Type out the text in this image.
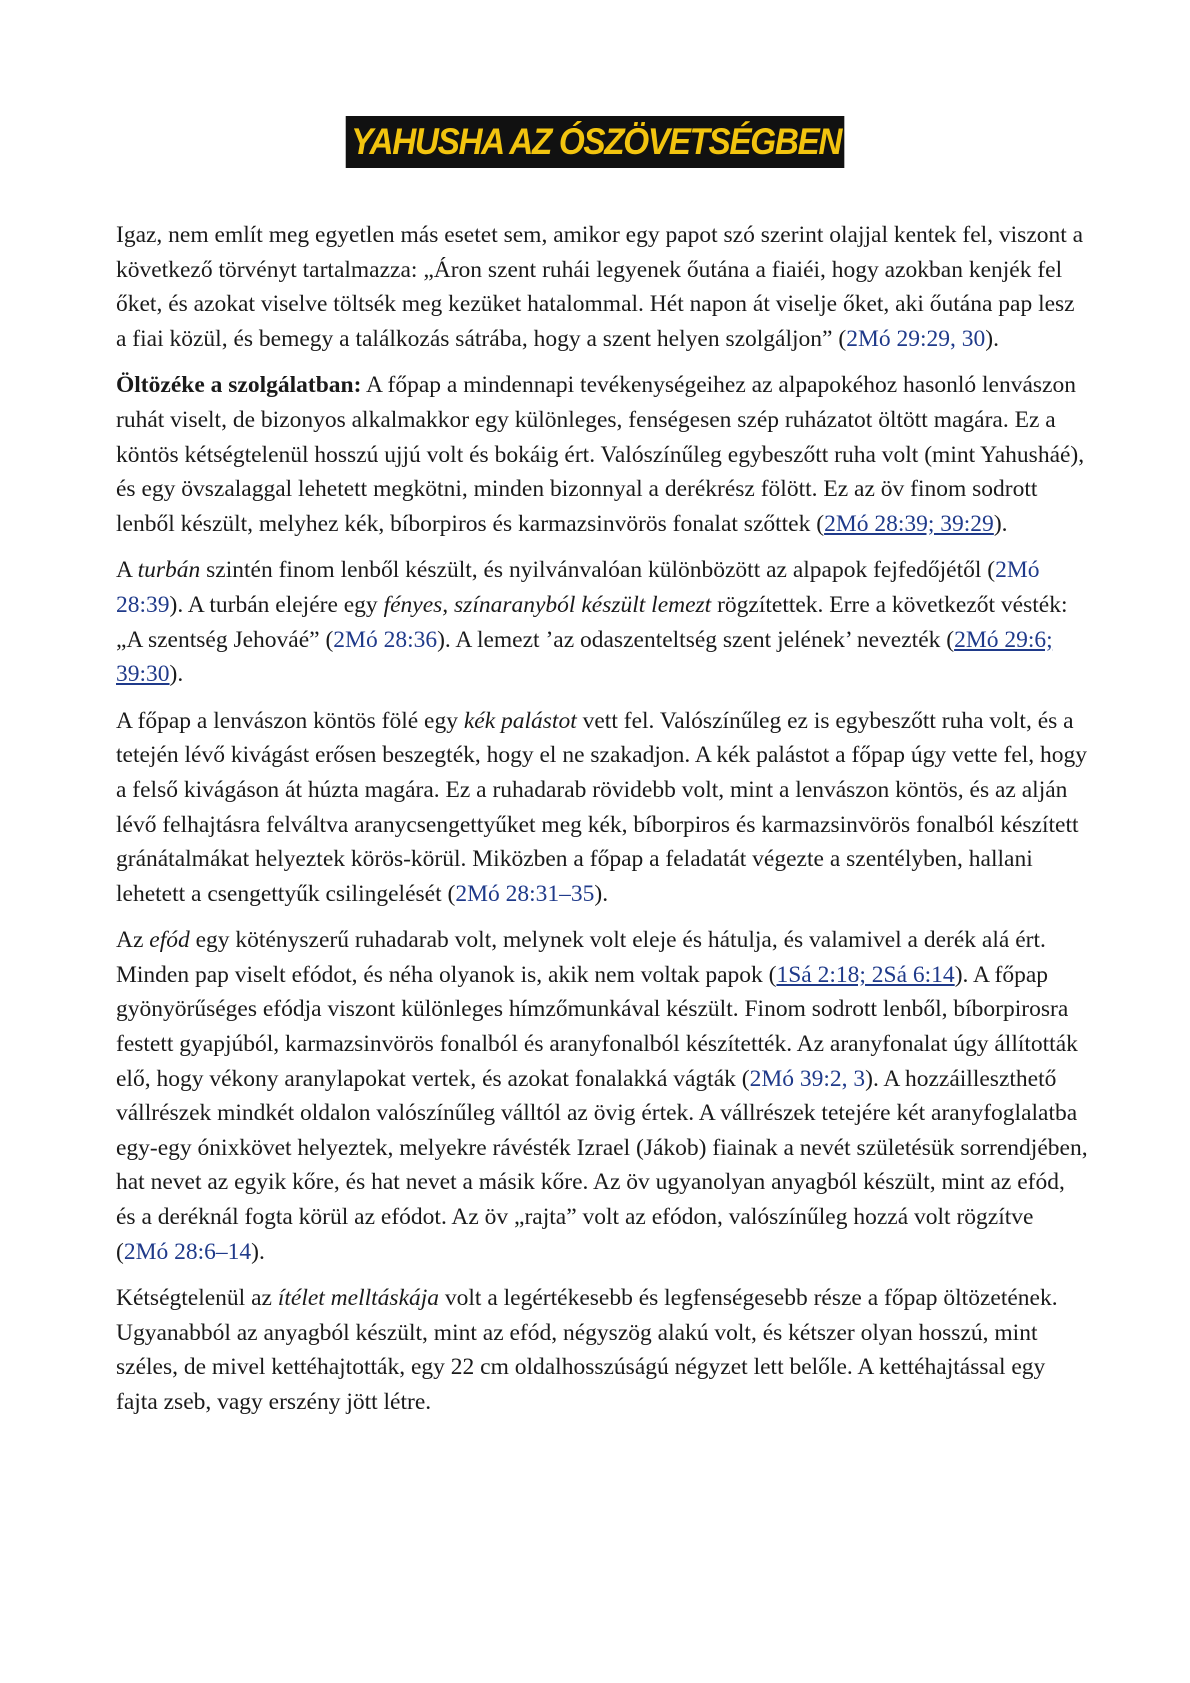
YAHUSHA AZ ÓSZÖVETSÉGBEN

Igaz, nem említ meg egyetlen más esetet sem, amikor egy papot szó szerint olajjal kentek fel, viszont a következő törvényt tartalmazza: „Áron szent ruhái legyenek őutána a fiaiéi, hogy azokban kenjék fel őket, és azokat viselve töltsék meg kezüket hatalommal. Hét napon át viselje őket, aki őutána pap lesz a fiai közül, és bemegy a találkozás sátrába, hogy a szent helyen szolgáljon” (2Mó 29:29, 30).

Öltözéke a szolgálatban: A főpap a mindennapi tevékenységeihez az alpapokéhoz hasonló lenvászon ruhát viselt, de bizonyos alkalmakkor egy különleges, fenségesen szép ruházatot öltött magára. Ez a köntös kétségtelenül hosszú ujjú volt és bokáig ért. Valószínűleg egybeszőtt ruha volt (mint Yahusháé), és egy övszalaggal lehetett megkötni, minden bizonnyal a derékrész fölött. Ez az öv finom sodrott lenből készült, melyhez kék, bíborpiros és karmazsinvörös fonalat szőttek (2Mó 28:39; 39:29).

A turbán szintén finom lenből készült, és nyilvánvalóan különbözött az alpapok fejfedőjétől (2Mó 28:39). A turbán elejére egy fényes, színaranyból készült lemezt rögzítettek. Erre a következőt vésték: „A szentség Jehováé” (2Mó 28:36). A lemezt ’az odaszenteltség szent jelének’ nevezték (2Mó 29:6; 39:30).

A főpap a lenvászon köntös fölé egy kék palástot vett fel. Valószínűleg ez is egybeszőtt ruha volt, és a tetején lévő kivágást erősen beszegték, hogy el ne szakadjon. A kék palástot a főpap úgy vette fel, hogy a felső kivágáson át húzta magára. Ez a ruhadarab rövidebb volt, mint a lenvászon köntös, és az alján lévő felhajtásra felváltva aranycsengettyűket meg kék, bíborpiros és karmazsinvörös fonalból készített gránátalmákat helyeztek körös-körül. Miközben a főpap a feladatát végezte a szentélyben, hallani lehetett a csengettyűk csilingelését (2Mó 28:31–35).

Az efód egy kötényszerű ruhadarab volt, melynek volt eleje és hátulja, és valamivel a derék alá ért. Minden pap viselt efódot, és néha olyanok is, akik nem voltak papok (1Sá 2:18; 2Sá 6:14). A főpap gyönyörűséges efódja viszont különleges hímzőmunkával készült. Finom sodrott lenből, bíborpirosra festett gyapjúból, karmazsinvörös fonalból és aranyfonalból készítették. Az aranyfonalat úgy állították elő, hogy vékony aranylapokat vertek, és azokat fonalakká vágták (2Mó 39:2, 3). A hozzáilleszthető vállrészek mindkét oldalon valószínűleg válltól az övig értek. A vállrészek tetejére két aranyfoglalatba egy-egy ónixkövet helyeztek, melyekre rávésték Izrael (Jákob) fiainak a nevét születésük sorrendjében, hat nevet az egyik kőre, és hat nevet a másik kőre. Az öv ugyanolyan anyagból készült, mint az efód, és a deréknál fogta körül az efódot. Az öv „rajta” volt az efódon, valószínűleg hozzá volt rögzítve (2Mó 28:6–14).

Kétségtelenül az ítélet melltáskája volt a legértékesebb és legfenségesebb része a főpap öltözetének. Ugyanabból az anyagból készült, mint az efód, négyszög alakú volt, és kétszer olyan hosszú, mint széles, de mivel kettéhajtották, egy 22 cm oldalhosszúságú négyzet lett belőle. A kettéhajtással egy fajta zseb, vagy erszény jött létre.
